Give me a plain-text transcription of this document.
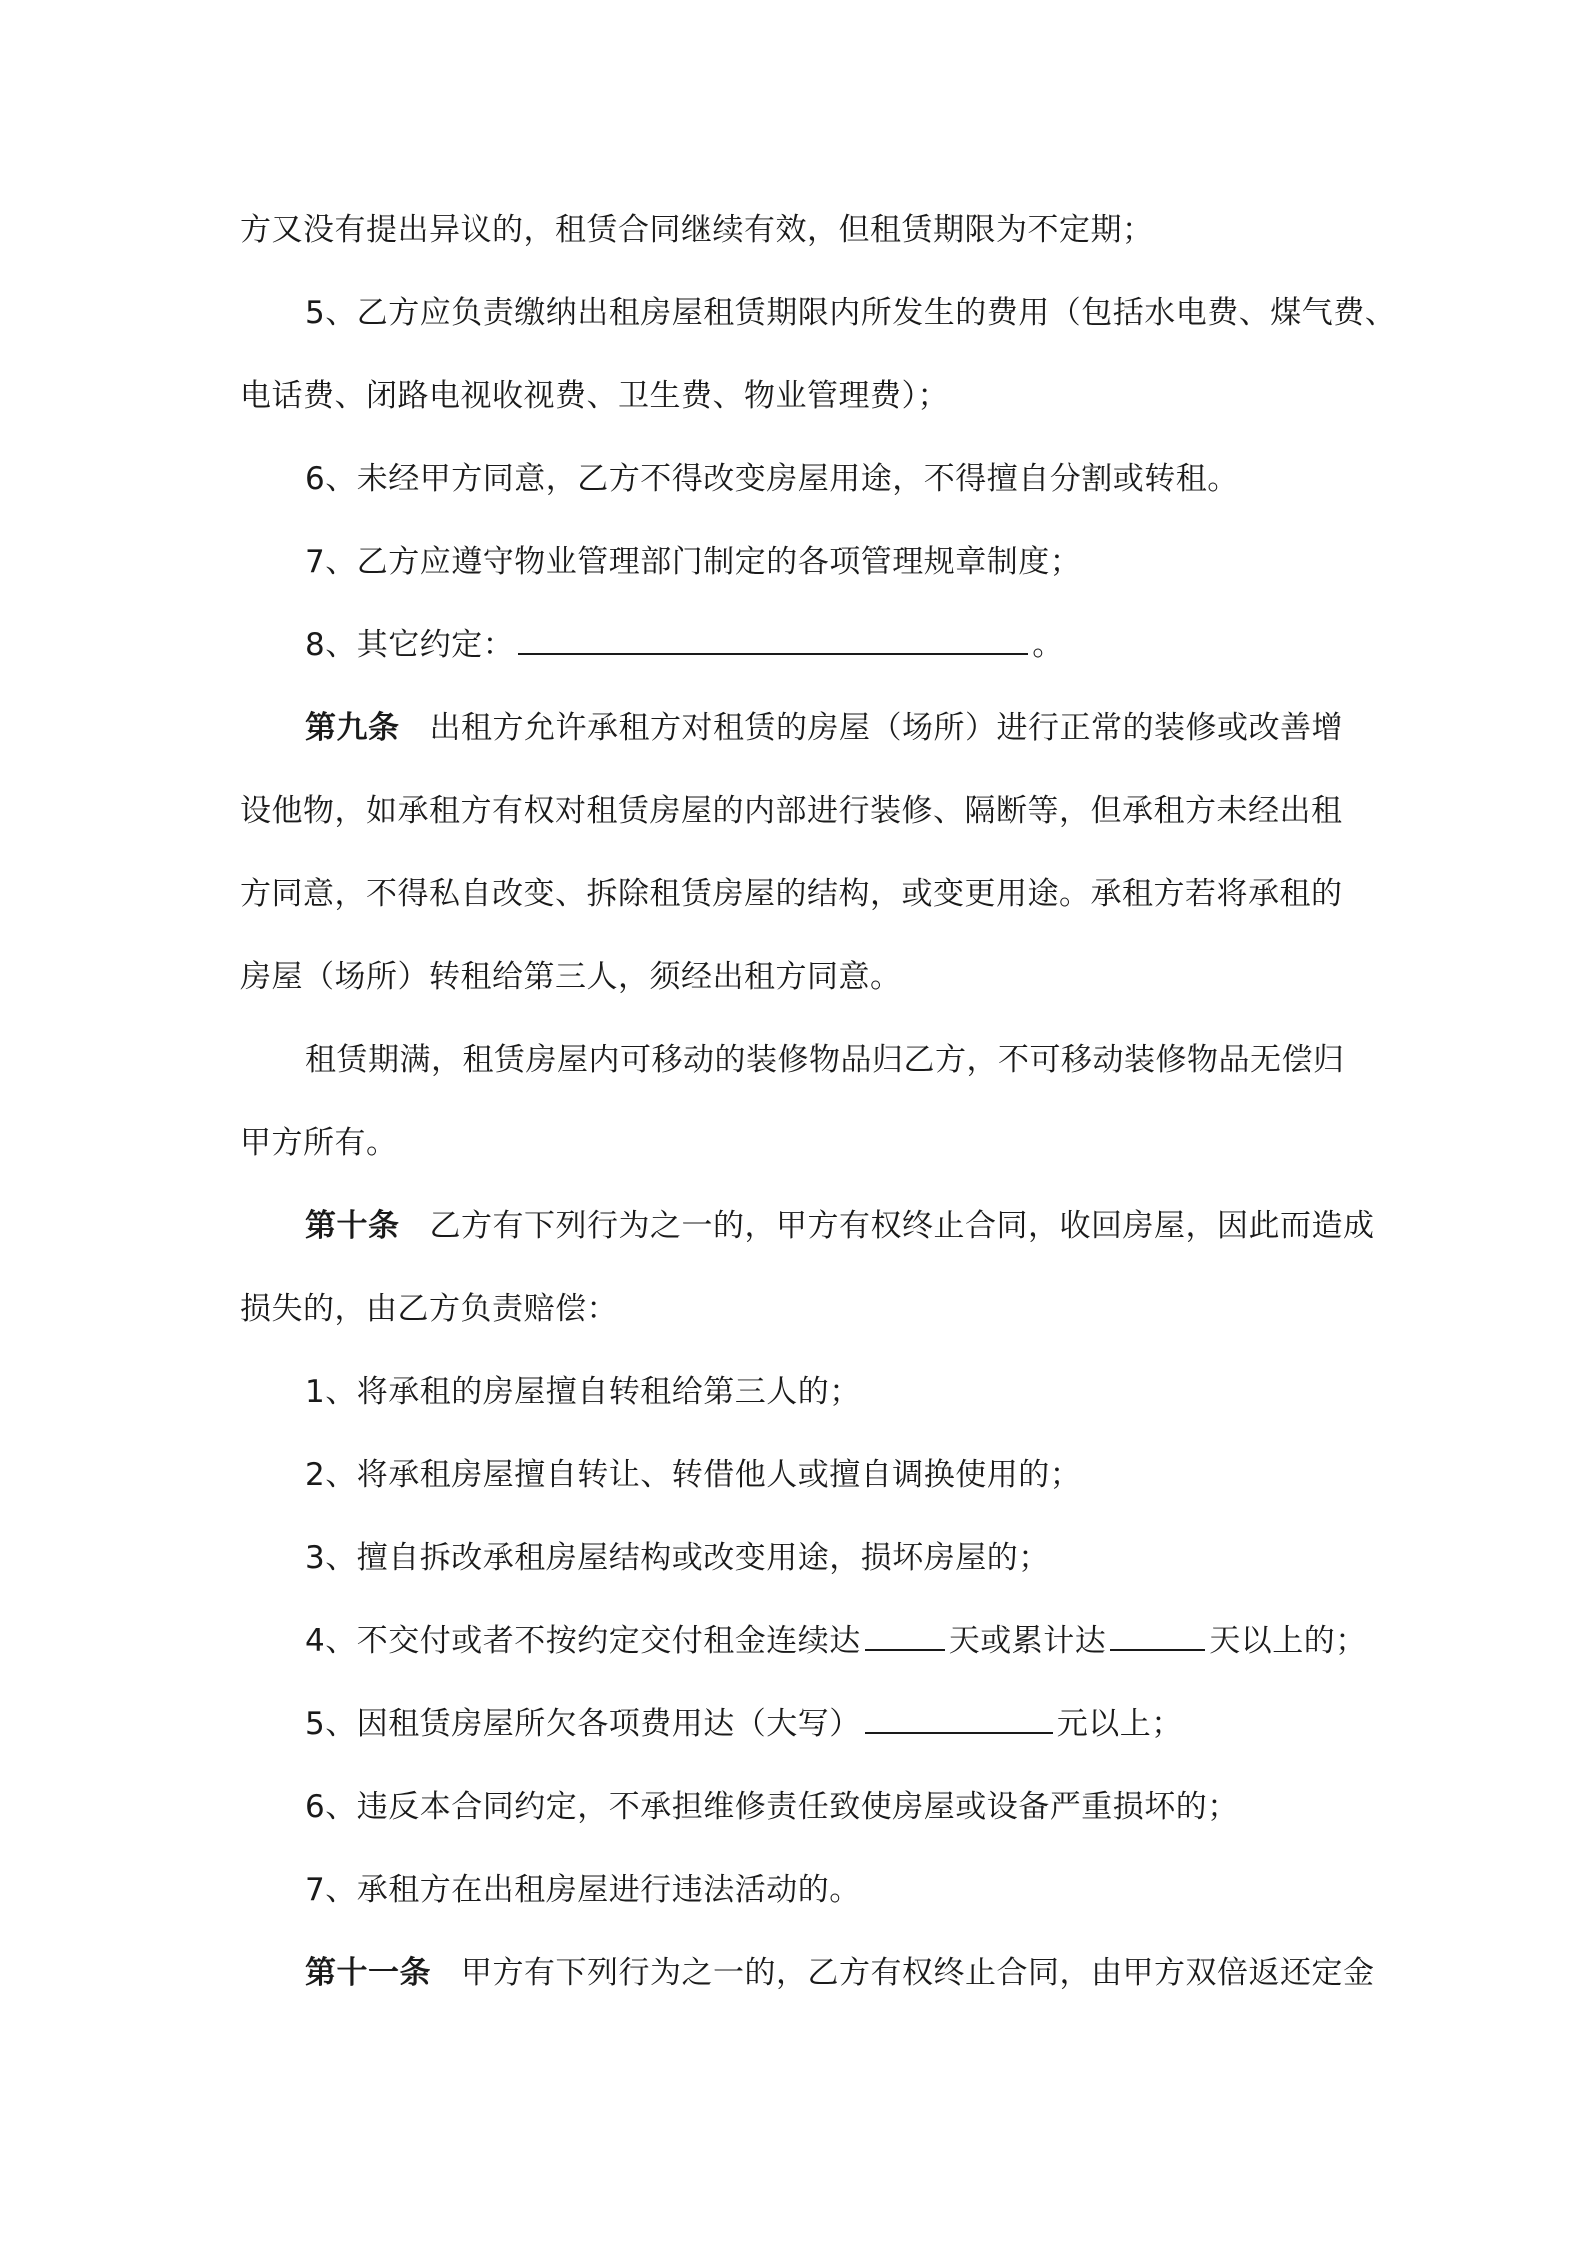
方又没有提出异议的，租赁合同继续有效，但租赁期限为不定期；
5、乙方应负责缴纳出租房屋租赁期限内所发生的费用（包括水电费、煤气费、
电话费、闭路电视收视费、卫生费、物业管理费）；
6、未经甲方同意，乙方不得改变房屋用途，不得擅自分割或转租。
7、乙方应遵守物业管理部门制定的各项管理规章制度；
8、其它约定：	。
第九条 出租方允许承租方对租赁的房屋（场所）进行正常的装修或改善增
设他物，如承租方有权对租赁房屋的内部进行装修、隔断等，但承租方未经出租
方同意，不得私自改变、拆除租赁房屋的结构，或变更用途。承租方若将承租的
房屋（场所）转租给第三人，须经出租方同意。
租赁期满，租赁房屋内可移动的装修物品归乙方，不可移动装修物品无偿归
甲方所有。
第十条 乙方有下列行为之一的，甲方有权终止合同，收回房屋，因此而造成
损失的，由乙方负责赔偿：
1、将承租的房屋擅自转租给第三人的；
2、将承租房屋擅自转让、转借他人或擅自调换使用的；
3、擅自拆改承租房屋结构或改变用途，损坏房屋的；
4、不交付或者不按约定交付租金连续达	天或累计达	天以上的；
5、因租赁房屋所欠各项费用达（大写）	元以上；
6、违反本合同约定，不承担维修责任致使房屋或设备严重损坏的；
7、承租方在出租房屋进行违法活动的。
第十一条 甲方有下列行为之一的，乙方有权终止合同，由甲方双倍返还定金
